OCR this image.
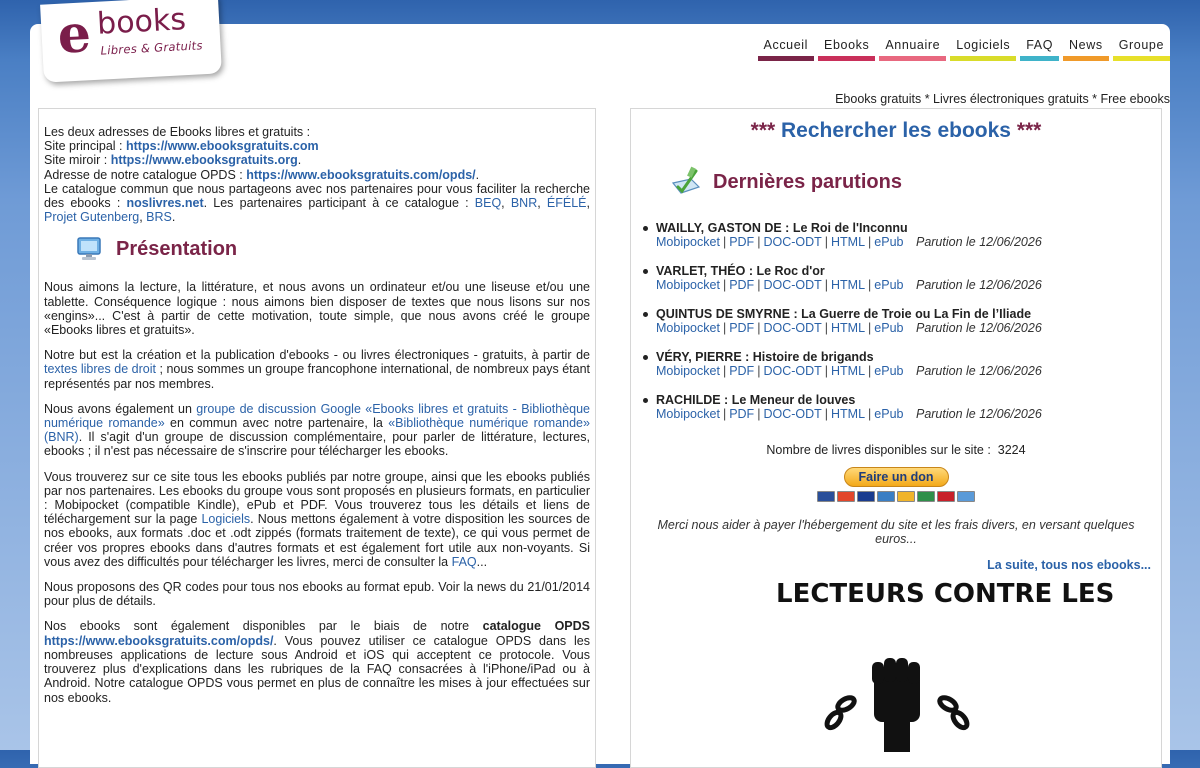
e books
Libres & Gratuits	Accueil	Ebooks	Annuaire	Logiciels	FAQ	News	Groupe
Ebooks gratuits * Livres électroniques gratuits * Free ebooks
Les deux adresses de Ebooks libres et gratuits :
Site principal : https://www.ebooksgratuits.com
Site miroir : https://www.ebooksgratuits.org.
Adresse de notre catalogue OPDS : https://www.ebooksgratuits.com/opds/.
Le catalogue commun que nous partageons avec nos partenaires pour vous faciliter la recherche des ebooks : noslivres.net. Les partenaires participant à ce catalogue : BEQ, BNR, ÉFÉLÉ, Projet Gutenberg, BRS.
Présentation

Nous aimons la lecture, la littérature, et nous avons un ordinateur et/ou une liseuse et/ou une tablette. Conséquence logique : nous aimons bien disposer de textes que nous lisons sur nos «engins»... C'est à partir de cette motivation, toute simple, que nous avons créé le groupe «Ebooks libres et gratuits».

Notre but est la création et la publication d'ebooks - ou livres électroniques - gratuits, à partir de textes libres de droit ; nous sommes un groupe francophone international, de nombreux pays étant représentés par nos membres.

Nous avons également un groupe de discussion Google «Ebooks libres et gratuits - Bibliothèque numérique romande» en commun avec notre partenaire, la «Bibliothèque numérique romande» (BNR). Il s'agit d'un groupe de discussion complémentaire, pour parler de littérature, lectures, ebooks ; il n'est pas nécessaire de s'inscrire pour télécharger les ebooks.

Vous trouverez sur ce site tous les ebooks publiés par notre groupe, ainsi que les ebooks publiés par nos partenaires. Les ebooks du groupe vous sont proposés en plusieurs formats, en particulier : Mobipocket (compatible Kindle), ePub et PDF. Vous trouverez tous les détails et liens de téléchargement sur la page Logiciels. Nous mettons également à votre disposition les sources de nos ebooks, aux formats .doc et .odt zippés (formats traitement de texte), ce qui vous permet de créer vos propres ebooks dans d'autres formats et est également fort utile aux non-voyants. Si vous avez des difficultés pour télécharger les livres, merci de consulter la FAQ...

Nous proposons des QR codes pour tous nos ebooks au format epub. Voir la news du 21/01/2014 pour plus de détails.

Nos ebooks sont également disponibles par le biais de notre catalogue OPDS https://www.ebooksgratuits.com/opds/. Vous pouvez utiliser ce catalogue OPDS dans les nombreuses applications de lecture sous Android et iOS qui acceptent ce protocole. Vous trouverez plus d'explications dans les rubriques de la FAQ consacrées à l'iPhone/iPad ou à Android. Notre catalogue OPDS vous permet en plus de connaître les mises à jour effectuées sur nos ebooks.

*** Rechercher les ebooks ***
Dernières parutions
WAILLY, GASTON DE : Le Roi de l'Inconnu
Mobipocket | PDF | DOC-ODT | HTML | ePub Parution le 12/06/2026
VARLET, THÉO : Le Roc d'or
Mobipocket | PDF | DOC-ODT | HTML | ePub Parution le 12/06/2026
QUINTUS DE SMYRNE : La Guerre de Troie ou La Fin de l’Iliade
Mobipocket | PDF | DOC-ODT | HTML | ePub Parution le 12/06/2026
VÉRY, PIERRE : Histoire de brigands
Mobipocket | PDF | DOC-ODT | HTML | ePub Parution le 12/06/2026
RACHILDE : Le Meneur de louves
Mobipocket | PDF | DOC-ODT | HTML | ePub Parution le 12/06/2026
Nombre de livres disponibles sur le site : 3224
Faire un don
Merci nous aider à payer l'hébergement du site et les frais divers, en versant quelques euros...
La suite, tous nos ebooks...
LECTEURS CONTRE LES
